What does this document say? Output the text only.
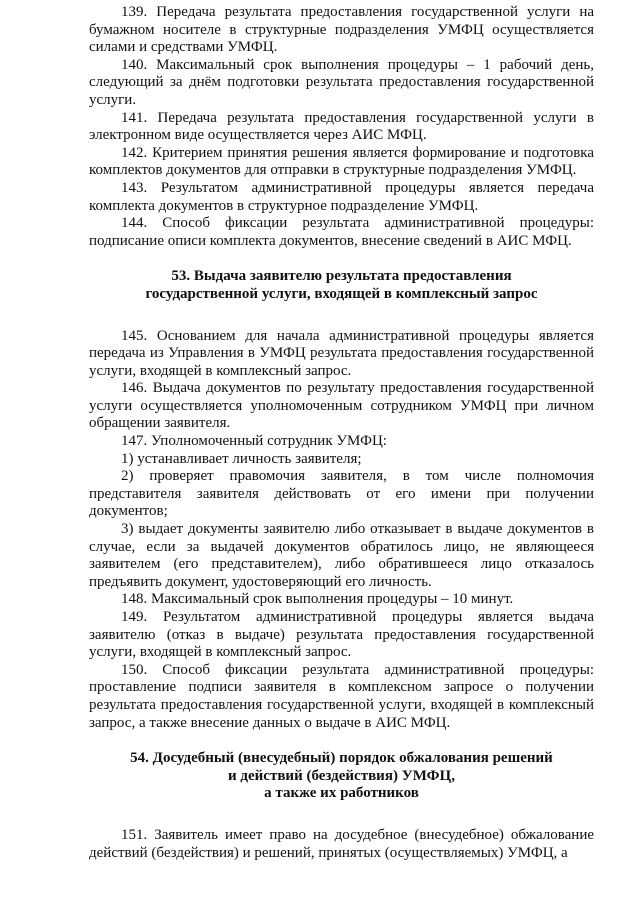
139. Передача результата предоставления государственной услуги на бумажном носителе в структурные подразделения УМФЦ осуществляется силами и средствами УМФЦ.

140. Максимальный срок выполнения процедуры – 1 рабочий день, следующий за днём подготовки результата предоставления государственной услуги.

141. Передача результата предоставления государственной услуги в электронном виде осуществляется через АИС МФЦ.

142. Критерием принятия решения является формирование и подготовка комплектов документов для отправки в структурные подразделения УМФЦ.

143. Результатом административной процедуры является передача комплекта документов в структурное подразделение УМФЦ.

144. Способ фиксации результата административной процедуры: подписание описи комплекта документов, внесение сведений в АИС МФЦ.

53. Выдача заявителю результата предоставления
государственной услуги, входящей в комплексный запрос

145. Основанием для начала административной процедуры является передача из Управления в УМФЦ результата предоставления государственной услуги, входящей в комплексный запрос.

146. Выдача документов по результату предоставления государственной услуги осуществляется уполномоченным сотрудником УМФЦ при личном обращении заявителя.

147. Уполномоченный сотрудник УМФЦ:

1) устанавливает личность заявителя;

2) проверяет правомочия заявителя, в том числе полномочия представителя заявителя действовать от его имени при получении документов;

3) выдает документы заявителю либо отказывает в выдаче документов в случае, если за выдачей документов обратилось лицо, не являющееся заявителем (его представителем), либо обратившееся лицо отказалось предъявить документ, удостоверяющий его личность.

148. Максимальный срок выполнения процедуры – 10 минут.

149. Результатом административной процедуры является выдача заявителю (отказ в выдаче) результата предоставления государственной услуги, входящей в комплексный запрос.

150. Способ фиксации результата административной процедуры: проставление подписи заявителя в комплексном запросе о получении результата предоставления государственной услуги, входящей в комплексный запрос, а также внесение данных о выдаче в АИС МФЦ.

54. Досудебный (внесудебный) порядок обжалования решений
и действий (бездействия) УМФЦ,
а также их работников

151. Заявитель имеет право на досудебное (внесудебное) обжалование действий (бездействия) и решений, принятых (осуществляемых) УМФЦ, а
